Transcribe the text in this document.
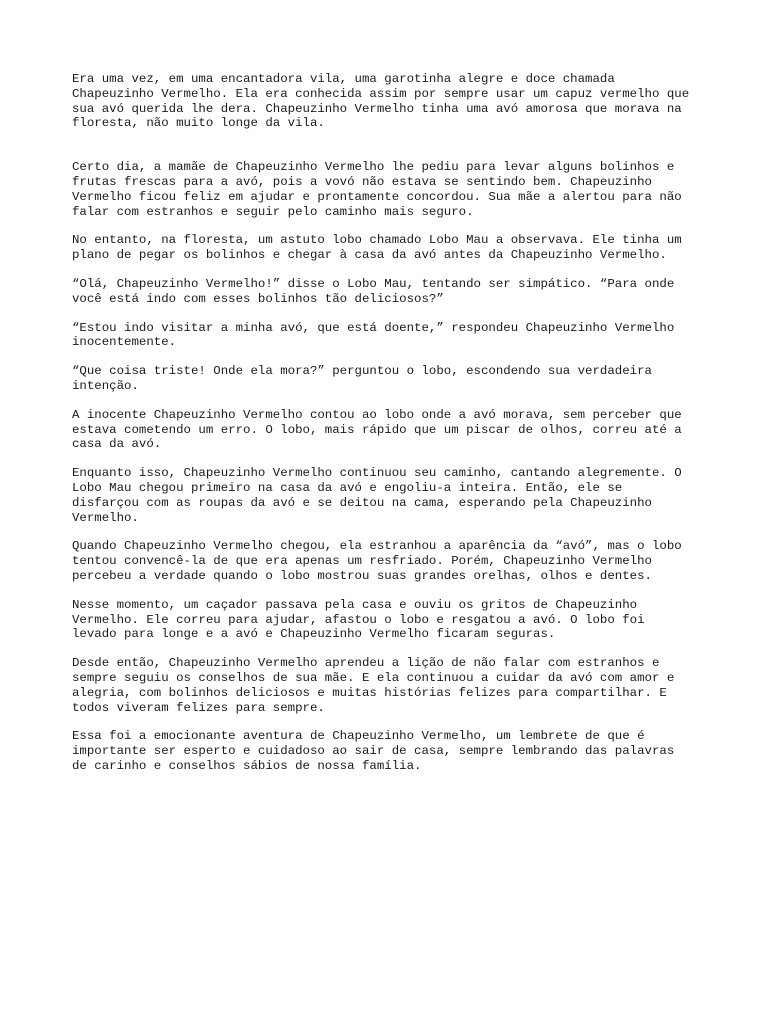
Era uma vez, em uma encantadora vila, uma garotinha alegre e doce chamada
Chapeuzinho Vermelho. Ela era conhecida assim por sempre usar um capuz vermelho que
sua avó querida lhe dera. Chapeuzinho Vermelho tinha uma avó amorosa que morava na
floresta, não muito longe da vila.

Certo dia, a mamãe de Chapeuzinho Vermelho lhe pediu para levar alguns bolinhos e
frutas frescas para a avó, pois a vovó não estava se sentindo bem. Chapeuzinho
Vermelho ficou feliz em ajudar e prontamente concordou. Sua mãe a alertou para não
falar com estranhos e seguir pelo caminho mais seguro.

No entanto, na floresta, um astuto lobo chamado Lobo Mau a observava. Ele tinha um
plano de pegar os bolinhos e chegar à casa da avó antes da Chapeuzinho Vermelho.

“Olá, Chapeuzinho Vermelho!” disse o Lobo Mau, tentando ser simpático. “Para onde
você está indo com esses bolinhos tão deliciosos?”

“Estou indo visitar a minha avó, que está doente,” respondeu Chapeuzinho Vermelho
inocentemente.

“Que coisa triste! Onde ela mora?” perguntou o lobo, escondendo sua verdadeira
intenção.

A inocente Chapeuzinho Vermelho contou ao lobo onde a avó morava, sem perceber que
estava cometendo um erro. O lobo, mais rápido que um piscar de olhos, correu até a
casa da avó.

Enquanto isso, Chapeuzinho Vermelho continuou seu caminho, cantando alegremente. O
Lobo Mau chegou primeiro na casa da avó e engoliu-a inteira. Então, ele se
disfarçou com as roupas da avó e se deitou na cama, esperando pela Chapeuzinho
Vermelho.

Quando Chapeuzinho Vermelho chegou, ela estranhou a aparência da “avó”, mas o lobo
tentou convencê-la de que era apenas um resfriado. Porém, Chapeuzinho Vermelho
percebeu a verdade quando o lobo mostrou suas grandes orelhas, olhos e dentes.

Nesse momento, um caçador passava pela casa e ouviu os gritos de Chapeuzinho
Vermelho. Ele correu para ajudar, afastou o lobo e resgatou a avó. O lobo foi
levado para longe e a avó e Chapeuzinho Vermelho ficaram seguras.

Desde então, Chapeuzinho Vermelho aprendeu a lição de não falar com estranhos e
sempre seguiu os conselhos de sua mãe. E ela continuou a cuidar da avó com amor e
alegria, com bolinhos deliciosos e muitas histórias felizes para compartilhar. E
todos viveram felizes para sempre.

Essa foi a emocionante aventura de Chapeuzinho Vermelho, um lembrete de que é
importante ser esperto e cuidadoso ao sair de casa, sempre lembrando das palavras
de carinho e conselhos sábios de nossa família.
